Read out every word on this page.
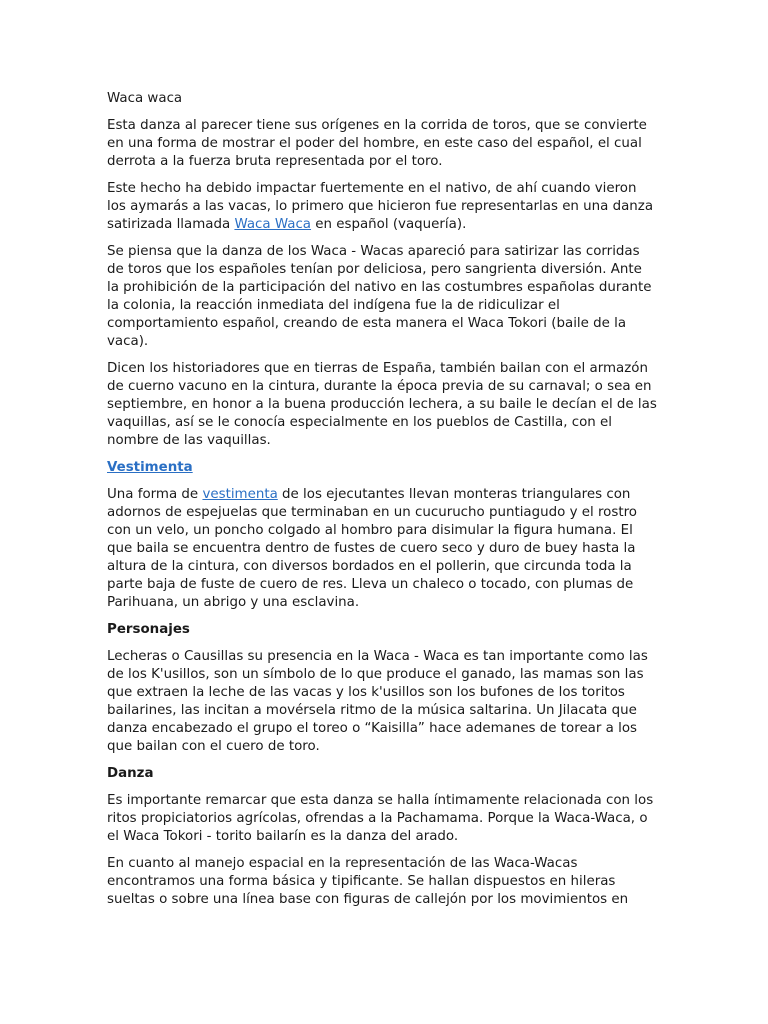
Waca waca

Esta danza al parecer tiene sus orígenes en la corrida de toros, que se convierte en una forma de mostrar el poder del hombre, en este caso del español, el cual derrota a la fuerza bruta representada por el toro.

Este hecho ha debido impactar fuertemente en el nativo, de ahí cuando vieron los aymarás a las vacas, lo primero que hicieron fue representarlas en una danza satirizada llamada Waca Waca en español (vaquería).

Se piensa que la danza de los Waca - Wacas apareció para satirizar las corridas de toros que los españoles tenían por deliciosa, pero sangrienta diversión. Ante la prohibición de la participación del nativo en las costumbres españolas durante la colonia, la reacción inmediata del indígena fue la de ridiculizar el comportamiento español, creando de esta manera el Waca Tokori (baile de la vaca).

Dicen los historiadores que en tierras de España, también bailan con el armazón de cuerno vacuno en la cintura, durante la época previa de su carnaval; o sea en septiembre, en honor a la buena producción lechera, a su baile le decían el de las vaquillas, así se le conocía especialmente en los pueblos de Castilla, con el nombre de las vaquillas.

Vestimenta

Una forma de vestimenta de los ejecutantes llevan monteras triangulares con adornos de espejuelas que terminaban en un cucurucho puntiagudo y el rostro con un velo, un poncho colgado al hombro para disimular la figura humana. El que baila se encuentra dentro de fustes de cuero seco y duro de buey hasta la altura de la cintura, con diversos bordados en el pollerin, que circunda toda la parte baja de fuste de cuero de res. Lleva un chaleco o tocado, con plumas de Parihuana, un abrigo y una esclavina.

Personajes

Lecheras o Causillas su presencia en la Waca - Waca es tan importante como las de los K'usillos, son un símbolo de lo que produce el ganado, las mamas son las que extraen la leche de las vacas y los k'usillos son los bufones de los toritos bailarines, las incitan a movérsela ritmo de la música saltarina. Un Jilacata que danza encabezado el grupo el toreo o “Kaisilla” hace ademanes de torear a los que bailan con el cuero de toro.

Danza

Es importante remarcar que esta danza se halla íntimamente relacionada con los ritos propiciatorios agrícolas, ofrendas a la Pachamama. Porque la Waca-Waca, o el Waca Tokori - torito bailarín es la danza del arado.

En cuanto al manejo espacial en la representación de las Waca-Wacas encontramos una forma básica y tipificante. Se hallan dispuestos en hileras sueltas o sobre una línea base con figuras de callejón por los movimientos en
